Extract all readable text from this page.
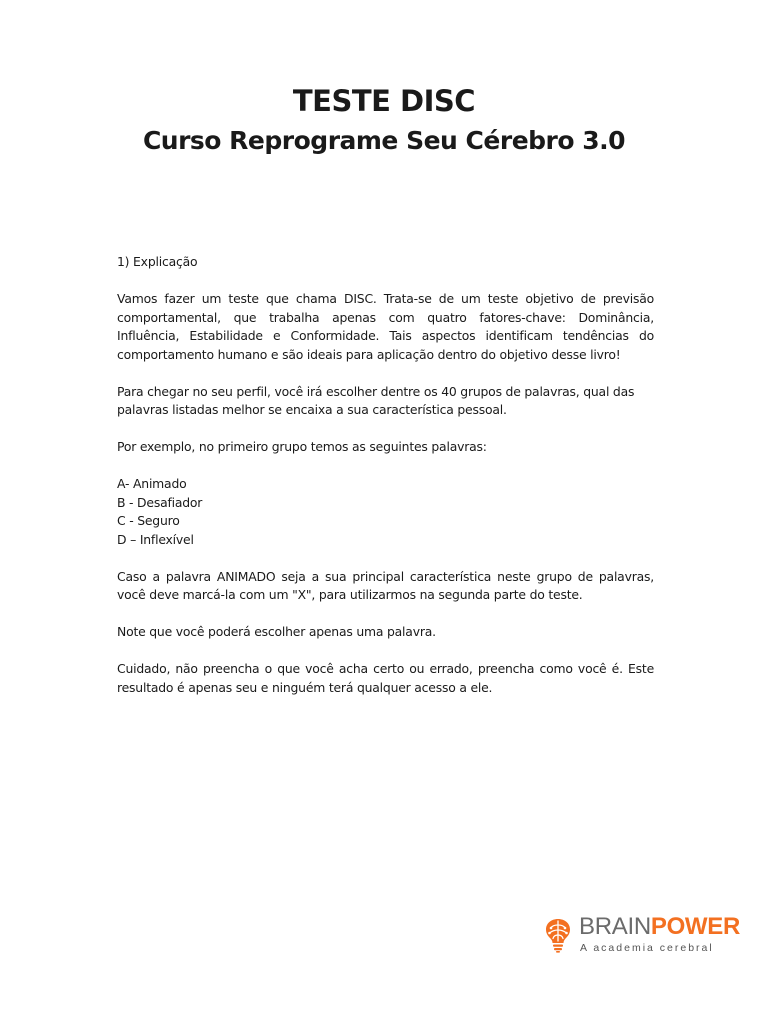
TESTE DISC
Curso Reprograme Seu Cérebro 3.0

1) Explicação

Vamos fazer um teste que chama DISC. Trata-se de um teste objetivo de previsão comportamental, que trabalha apenas com quatro fatores-chave: Dominância, Influência, Estabilidade e Conformidade. Tais aspectos identificam tendências do comportamento humano e são ideais para aplicação dentro do objetivo desse livro!

Para chegar no seu perfil, você irá escolher dentre os 40 grupos de palavras, qual das palavras listadas melhor se encaixa a sua característica pessoal.

Por exemplo, no primeiro grupo temos as seguintes palavras:

A- Animado
B - Desafiador
C - Seguro
D – Inflexível

Caso a palavra ANIMADO seja a sua principal característica neste grupo de palavras, você deve marcá-la com um "X", para utilizarmos na segunda parte do teste.

Note que você poderá escolher apenas uma palavra.

Cuidado, não preencha o que você acha certo ou errado, preencha como você é. Este resultado é apenas seu e ninguém terá qualquer acesso a ele.

BRAINPOWER
A academia cerebral
